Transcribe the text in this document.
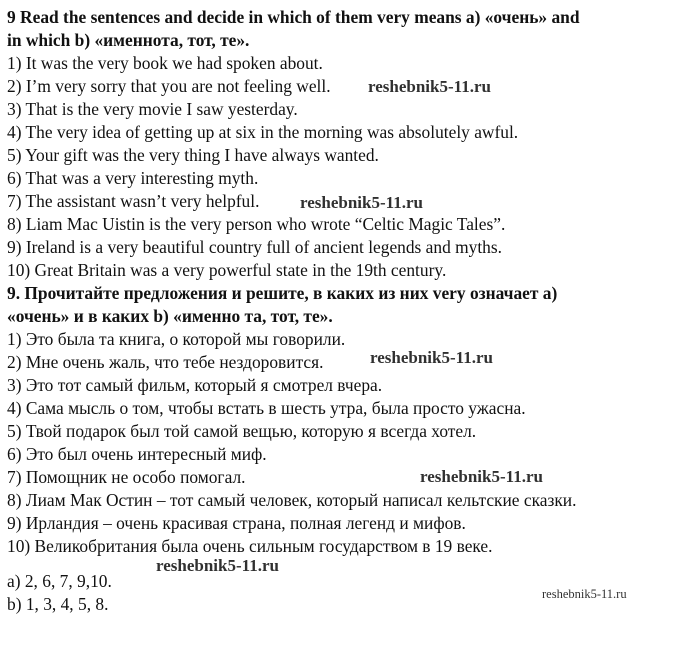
9 Read the sentences and decide in which of them very means a) «очень» and
in which b) «именнота, тот, те».
1) It was the very book we had spoken about.
2) I’m very sorry that you are not feeling well.
3) That is the very movie I saw yesterday.
4) The very idea of getting up at six in the morning was absolutely awful.
5) Your gift was the very thing I have always wanted.
6) That was a very interesting myth.
7) The assistant wasn’t very helpful.
8) Liam Mac Uistin is the very person who wrote “Celtic Magic Tales”.
9) Ireland is a very beautiful country full of ancient legends and myths.
10) Great Britain was a very powerful state in the 19th century.
9. Прочитайте предложения и решите, в каких из них very означает а)
«очень» и в каких b) «именно та, тот, те».
1) Это была та книга, о которой мы говорили.
2) Мне очень жаль, что тебе нездоровится.
3) Это тот самый фильм, который я смотрел вчера.
4) Сама мысль о том, чтобы встать в шесть утра, была просто ужасна.
5) Твой подарок был той самой вещью, которую я всегда хотел.
6) Это был очень интересный миф.
7) Помощник не особо помогал.
8) Лиам Мак Остин – тот самый человек, который написал кельтские сказки.
9) Ирландия – очень красивая страна, полная легенд и мифов.
10) Великобритания была очень сильным государством в 19 веке.
а) 2, 6, 7, 9,10.
b) 1, 3, 4, 5, 8.
reshebnik5-11.ru
reshebnik5-11.ru
reshebnik5-11.ru
reshebnik5-11.ru
reshebnik5-11.ru
reshebnik5-11.ru
